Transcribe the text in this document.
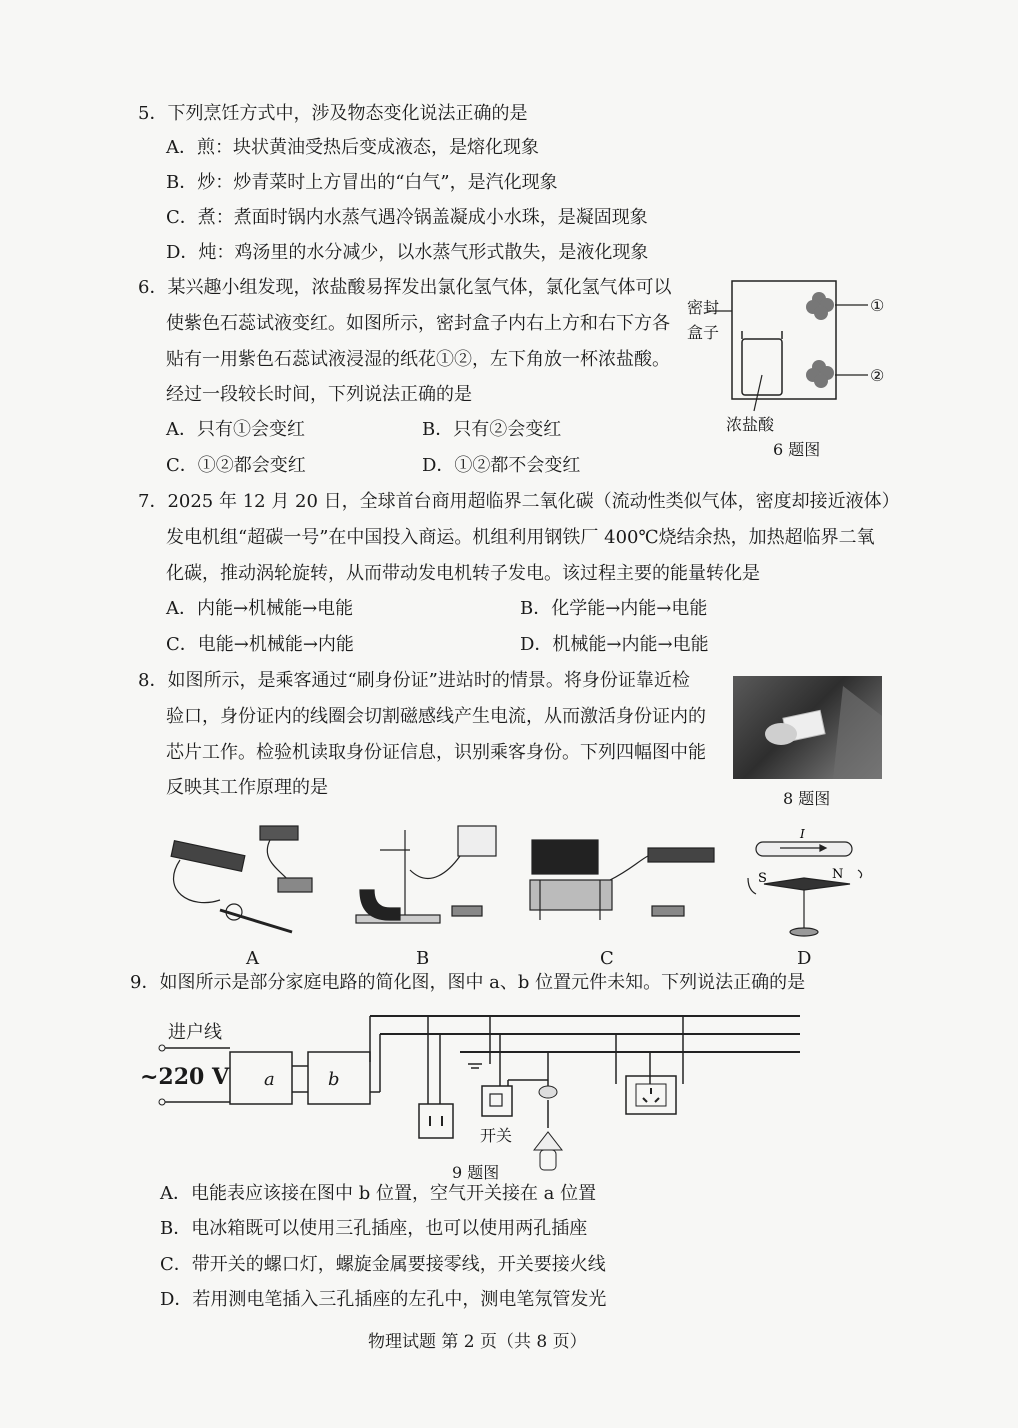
5．下列烹饪方式中，涉及物态变化说法正确的是
A．煎：块状黄油受热后变成液态，是熔化现象
B．炒：炒青菜时上方冒出的“白气”，是汽化现象
C．煮：煮面时锅内水蒸气遇冷锅盖凝成小水珠，是凝固现象
D．炖：鸡汤里的水分减少，以水蒸气形式散失，是液化现象
6．某兴趣小组发现，浓盐酸易挥发出氯化氢气体，氯化氢气体可以
使紫色石蕊试液变红。如图所示，密封盒子内右上方和右下方各
贴有一用紫色石蕊试液浸湿的纸花①②，左下角放一杯浓盐酸。
经过一段较长时间，下列说法正确的是
A．只有①会变红	B．只有②会变红
C．①②都会变红	D．①②都不会变红
密封
盒子
①
②
浓盐酸
6 题图
7．2025 年 12 月 20 日，全球首台商用超临界二氧化碳（流动性类似气体，密度却接近液体）
发电机组“超碳一号”在中国投入商运。机组利用钢铁厂 400℃烧结余热，加热超临界二氧
化碳，推动涡轮旋转，从而带动发电机转子发电。该过程主要的能量转化是
A．内能→机械能→电能	B．化学能→内能→电能
C．电能→机械能→内能	D．机械能→内能→电能
8．如图所示，是乘客通过“刷身份证”进站时的情景。将身份证靠近检
验口，身份证内的线圈会切割磁感线产生电流，从而激活身份证内的
芯片工作。检验机读取身份证信息，识别乘客身份。下列四幅图中能
反映其工作原理的是
8 题图
I
S	N
A	B	C	D
9．如图所示是部分家庭电路的简化图，图中 a、b 位置元件未知。下列说法正确的是
进户线
~220 V a	b
开关
9 题图
A．电能表应该接在图中 b 位置，空气开关接在 a 位置
B．电冰箱既可以使用三孔插座，也可以使用两孔插座
C．带开关的螺口灯，螺旋金属要接零线，开关要接火线
D．若用测电笔插入三孔插座的左孔中，测电笔氖管发光
物理试题 第 2 页（共 8 页）
